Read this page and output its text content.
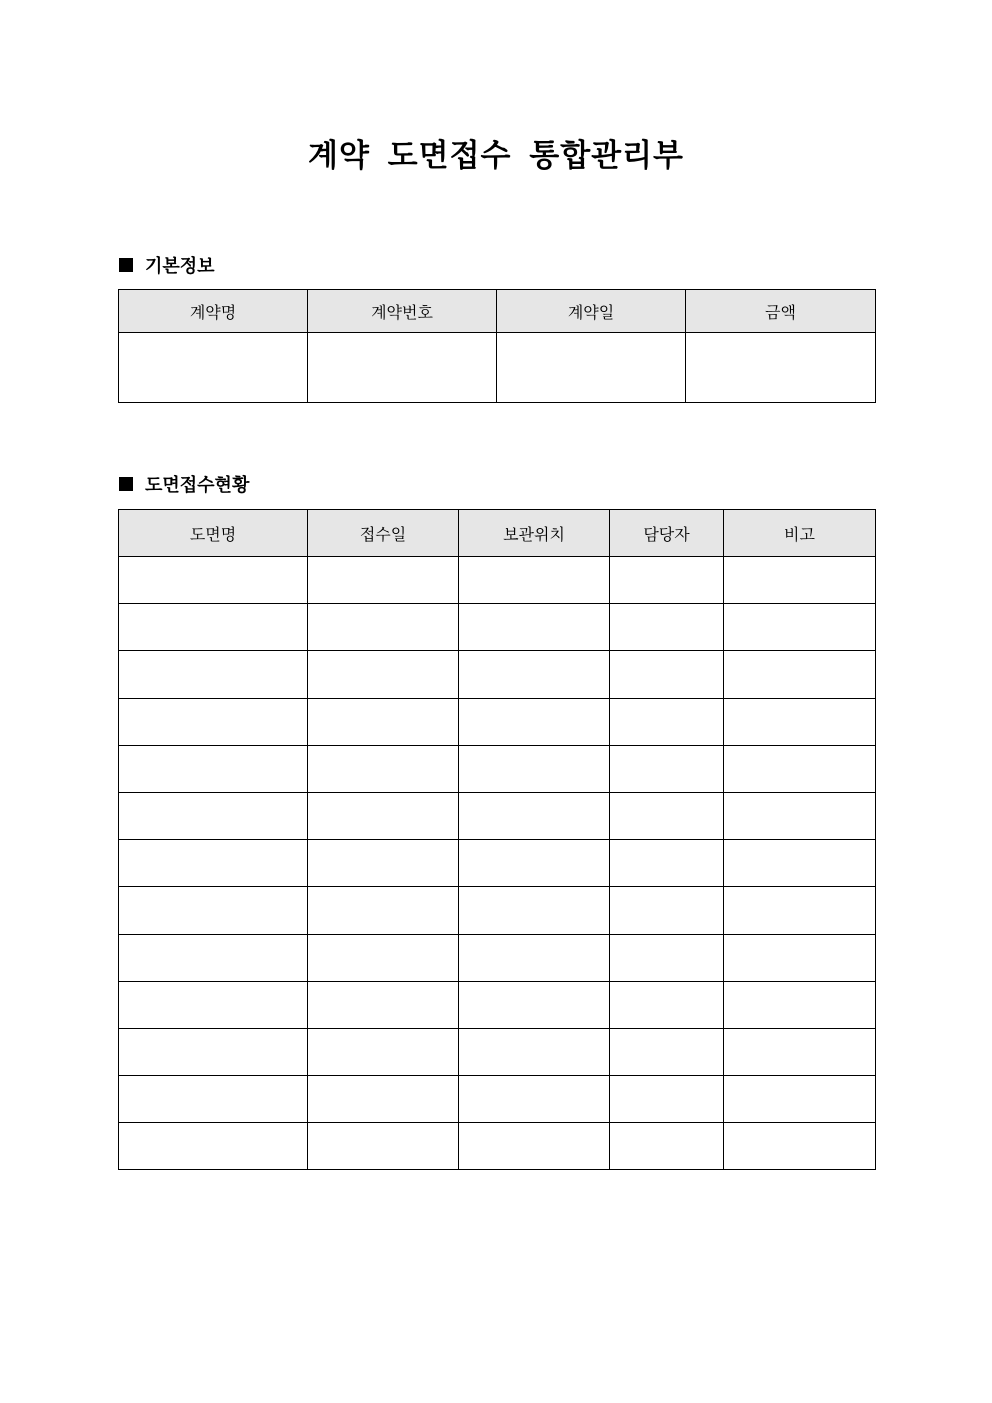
계약 도면접수 통합관리부
기본정보
계약명	계약번호	계약일	금액

도면접수현황
도면명	접수일	보관위치	담당자	비고
